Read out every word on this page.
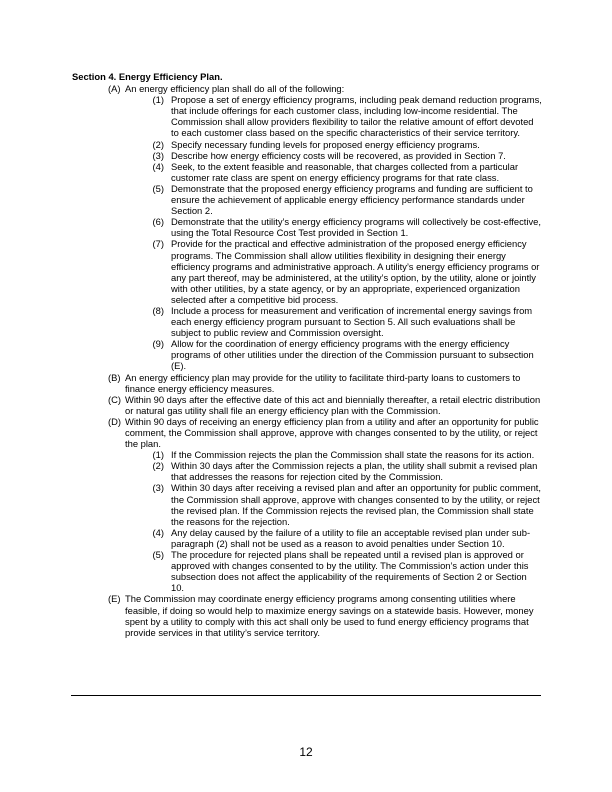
Section 4. Energy Efficiency Plan.
(A) An energy efficiency plan shall do all of the following:
(1) Propose a set of energy efficiency programs, including peak demand reduction programs, that include offerings for each customer class, including low-income residential. The Commission shall allow providers flexibility to tailor the relative amount of effort devoted to each customer class based on the specific characteristics of their service territory.
(2) Specify necessary funding levels for proposed energy efficiency programs.
(3) Describe how energy efficiency costs will be recovered, as provided in Section 7.
(4) Seek, to the extent feasible and reasonable, that charges collected from a particular customer rate class are spent on energy efficiency programs for that rate class.
(5) Demonstrate that the proposed energy efficiency programs and funding are sufficient to ensure the achievement of applicable energy efficiency performance standards under Section 2.
(6) Demonstrate that the utility’s energy efficiency programs will collectively be cost-effective, using the Total Resource Cost Test provided in Section 1.
(7) Provide for the practical and effective administration of the proposed energy efficiency programs. The Commission shall allow utilities flexibility in designing their energy efficiency programs and administrative approach. A utility’s energy efficiency programs or any part thereof, may be administered, at the utility’s option, by the utility, alone or jointly with other utilities, by a state agency, or by an appropriate, experienced organization selected after a competitive bid process.
(8) Include a process for measurement and verification of incremental energy savings from each energy efficiency program pursuant to Section 5. All such evaluations shall be subject to public review and Commission oversight.
(9) Allow for the coordination of energy efficiency programs with the energy efficiency programs of other utilities under the direction of the Commission pursuant to subsection (E).
(B) An energy efficiency plan may provide for the utility to facilitate third-party loans to customers to finance energy efficiency measures.
(C) Within 90 days after the effective date of this act and biennially thereafter, a retail electric distribution or natural gas utility shall file an energy efficiency plan with the Commission.
(D) Within 90 days of receiving an energy efficiency plan from a utility and after an opportunity for public comment, the Commission shall approve, approve with changes consented to by the utility, or reject the plan.
(1) If the Commission rejects the plan the Commission shall state the reasons for its action.
(2) Within 30 days after the Commission rejects a plan, the utility shall submit a revised plan that addresses the reasons for rejection cited by the Commission.
(3) Within 30 days after receiving a revised plan and after an opportunity for public comment, the Commission shall approve, approve with changes consented to by the utility, or reject the revised plan. If the Commission rejects the revised plan, the Commission shall state the reasons for the rejection.
(4) Any delay caused by the failure of a utility to file an acceptable revised plan under sub-paragraph (2) shall not be used as a reason to avoid penalties under Section 10.
(5) The procedure for rejected plans shall be repeated until a revised plan is approved or approved with changes consented to by the utility. The Commission’s action under this subsection does not affect the applicability of the requirements of Section 2 or Section 10.
(E) The Commission may coordinate energy efficiency programs among consenting utilities where feasible, if doing so would help to maximize energy savings on a statewide basis. However, money spent by a utility to comply with this act shall only be used to fund energy efficiency programs that provide services in that utility’s service territory.
12
